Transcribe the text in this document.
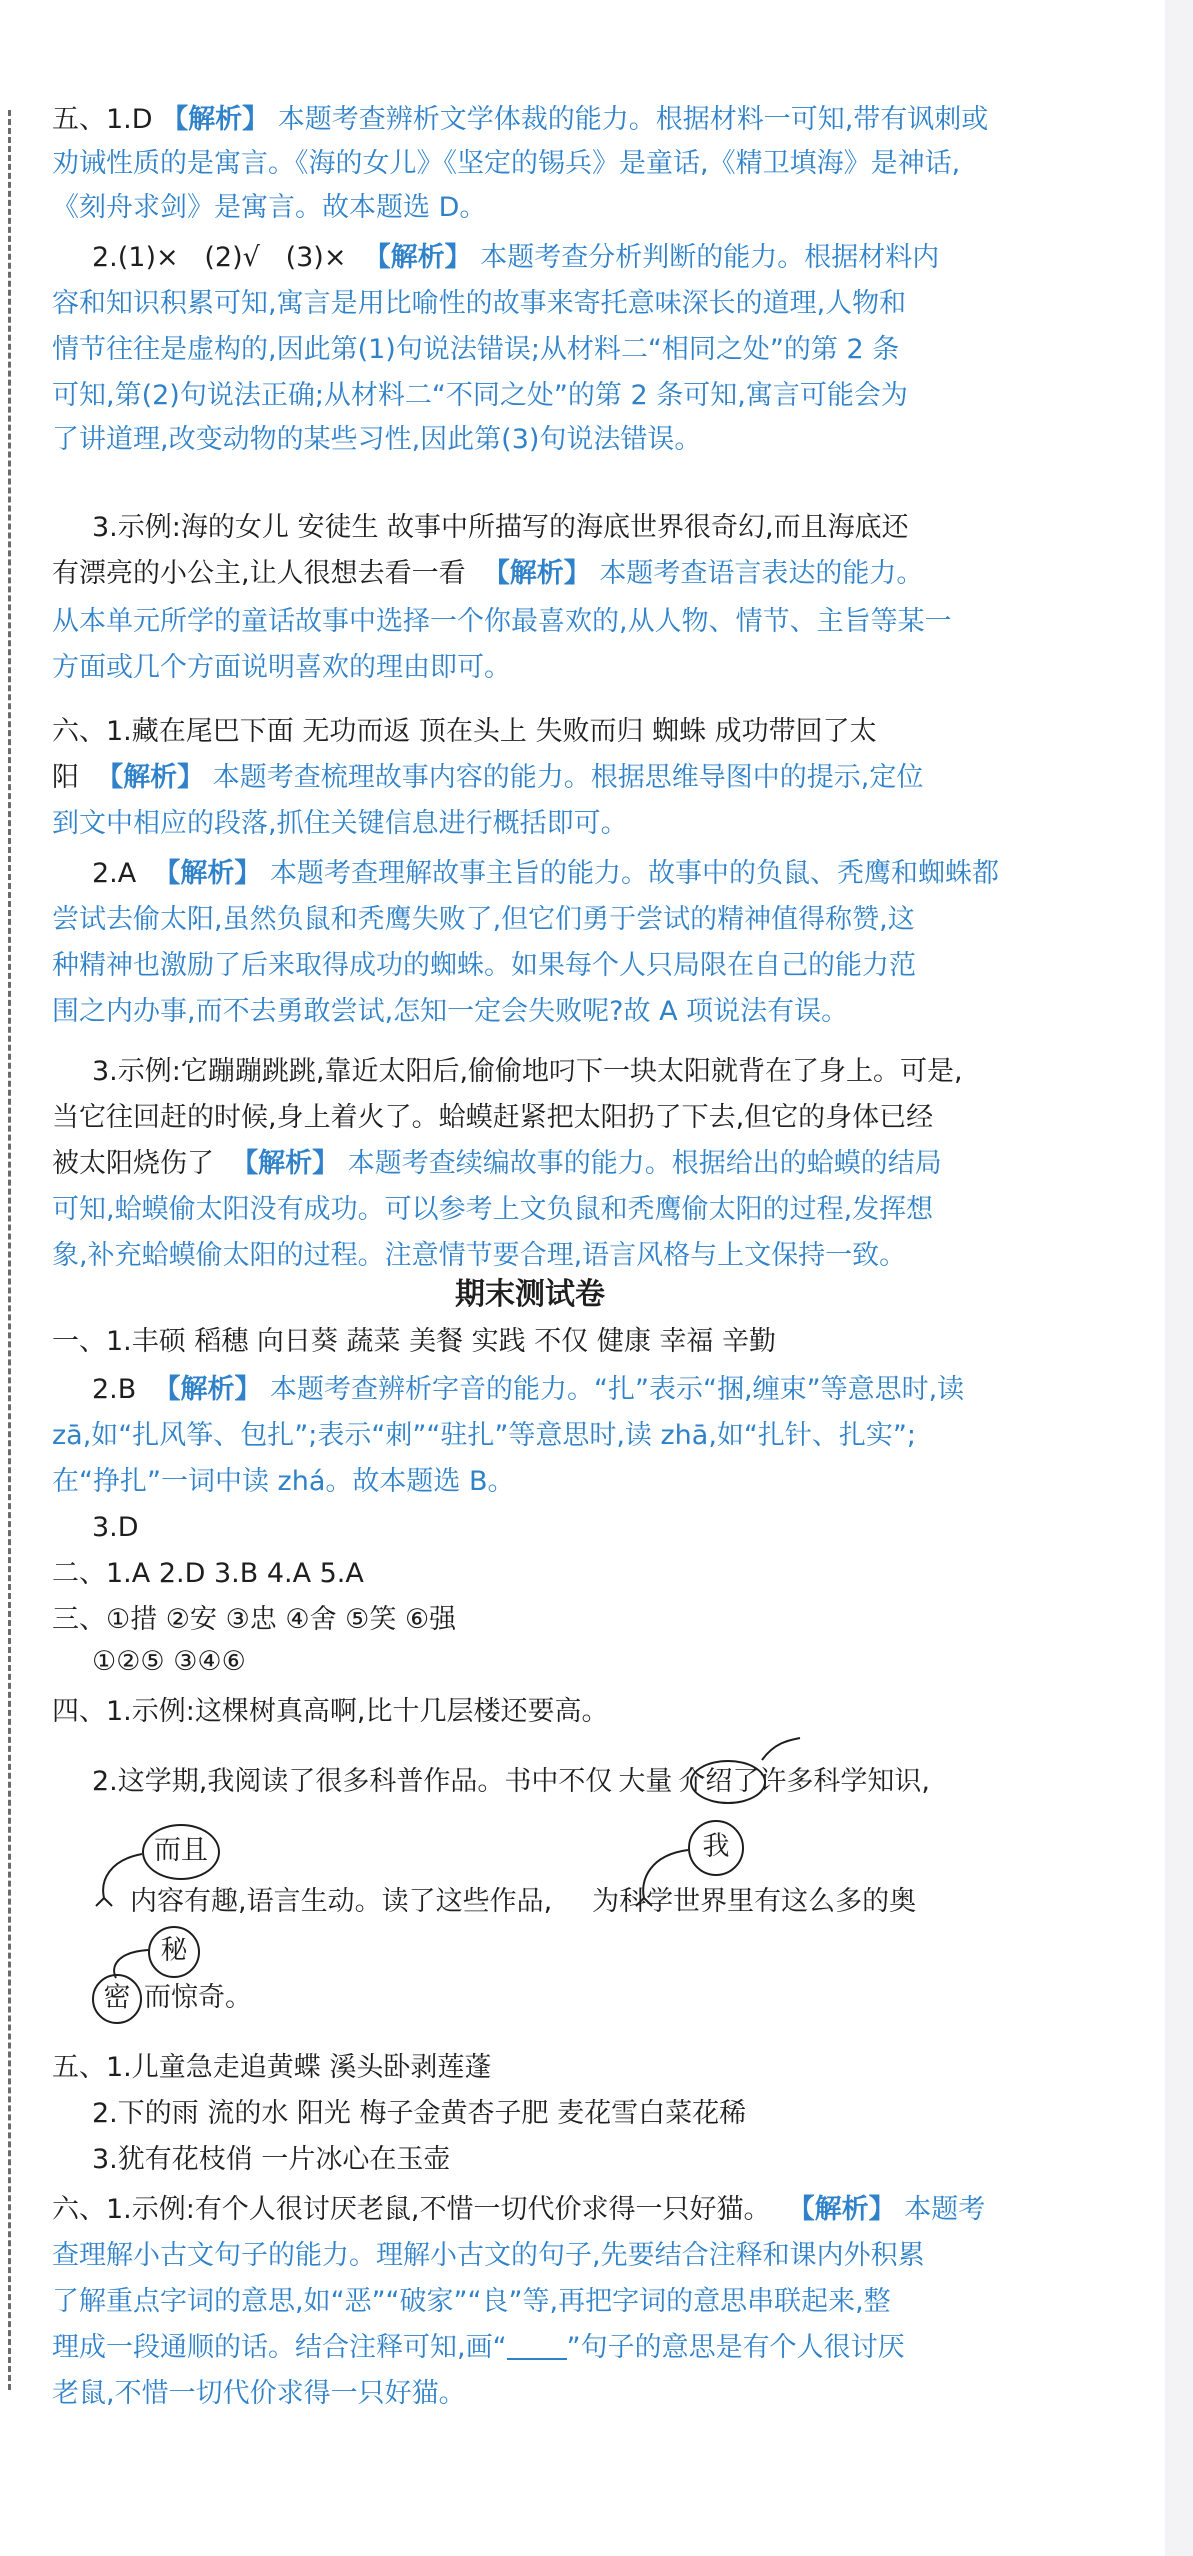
五、1.D 【解析】 本题考查辨析文学体裁的能力。根据材料一可知,带有讽刺或

劝诫性质的是寓言。《海的女儿》《坚定的锡兵》是童话,《精卫填海》是神话,

《刻舟求剑》是寓言。故本题选 D。

2.(1)×   (2)√   (3)×  【解析】 本题考查分析判断的能力。根据材料内

容和知识积累可知,寓言是用比喻性的故事来寄托意味深长的道理,人物和

情节往往是虚构的,因此第(1)句说法错误;从材料二“相同之处”的第 2 条

可知,第(2)句说法正确;从材料二“不同之处”的第 2 条可知,寓言可能会为

了讲道理,改变动物的某些习性,因此第(3)句说法错误。

3.示例:海的女儿 安徒生 故事中所描写的海底世界很奇幻,而且海底还

有漂亮的小公主,让人很想去看一看  【解析】 本题考查语言表达的能力。

从本单元所学的童话故事中选择一个你最喜欢的,从人物、情节、主旨等某一

方面或几个方面说明喜欢的理由即可。

六、1.藏在尾巴下面 无功而返 顶在头上 失败而归 蜘蛛 成功带回了太

阳  【解析】 本题考查梳理故事内容的能力。根据思维导图中的提示,定位

到文中相应的段落,抓住关键信息进行概括即可。

2.A  【解析】 本题考查理解故事主旨的能力。故事中的负鼠、秃鹰和蜘蛛都

尝试去偷太阳,虽然负鼠和秃鹰失败了,但它们勇于尝试的精神值得称赞,这

种精神也激励了后来取得成功的蜘蛛。如果每个人只局限在自己的能力范

围之内办事,而不去勇敢尝试,怎知一定会失败呢?故 A 项说法有误。

3.示例:它蹦蹦跳跳,靠近太阳后,偷偷地叼下一块太阳就背在了身上。可是,

当它往回赶的时候,身上着火了。蛤蟆赶紧把太阳扔了下去,但它的身体已经

被太阳烧伤了  【解析】 本题考查续编故事的能力。根据给出的蛤蟆的结局

可知,蛤蟆偷太阳没有成功。可以参考上文负鼠和秃鹰偷太阳的过程,发挥想

象,补充蛤蟆偷太阳的过程。注意情节要合理,语言风格与上文保持一致。

期末测试卷

一、1.丰硕 稻穗 向日葵 蔬菜 美餐 实践 不仅 健康 幸福 辛勤

2.B  【解析】 本题考查辨析字音的能力。“扎”表示“捆,缠束”等意思时,读

zā,如“扎风筝、包扎”;表示“刺”“驻扎”等意思时,读 zhā,如“扎针、扎实”;

在“挣扎”一词中读 zhá。故本题选 B。

3.D

二、1.A 2.D 3.B 4.A 5.A

三、①措 ②安 ③忠 ④舍 ⑤笑 ⑥强

①②⑤ ③④⑥

四、1.示例:这棵树真高啊,比十几层楼还要高。

2.这学期,我阅读了很多科普作品。书中不仅 大量 介绍了许多科学知识,

而且	我

内容有趣,语言生动。读了这些作品, 为科学世界里有这么多的奥

秘
密 而惊奇。

五、1.儿童急走追黄蝶 溪头卧剥莲蓬

2.下的雨 流的水 阳光 梅子金黄杏子肥 麦花雪白菜花稀

3.犹有花枝俏 一片冰心在玉壶

六、1.示例:有个人很讨厌老鼠,不惜一切代价求得一只好猫。  【解析】 本题考

查理解小古文句子的能力。理解小古文的句子,先要结合注释和课内外积累

了解重点字词的意思,如“恶”“破家”“良”等,再把字词的意思串联起来,整

理成一段通顺的话。结合注释可知,画“ ”句子的意思是有个人很讨厌

老鼠,不惜一切代价求得一只好猫。
